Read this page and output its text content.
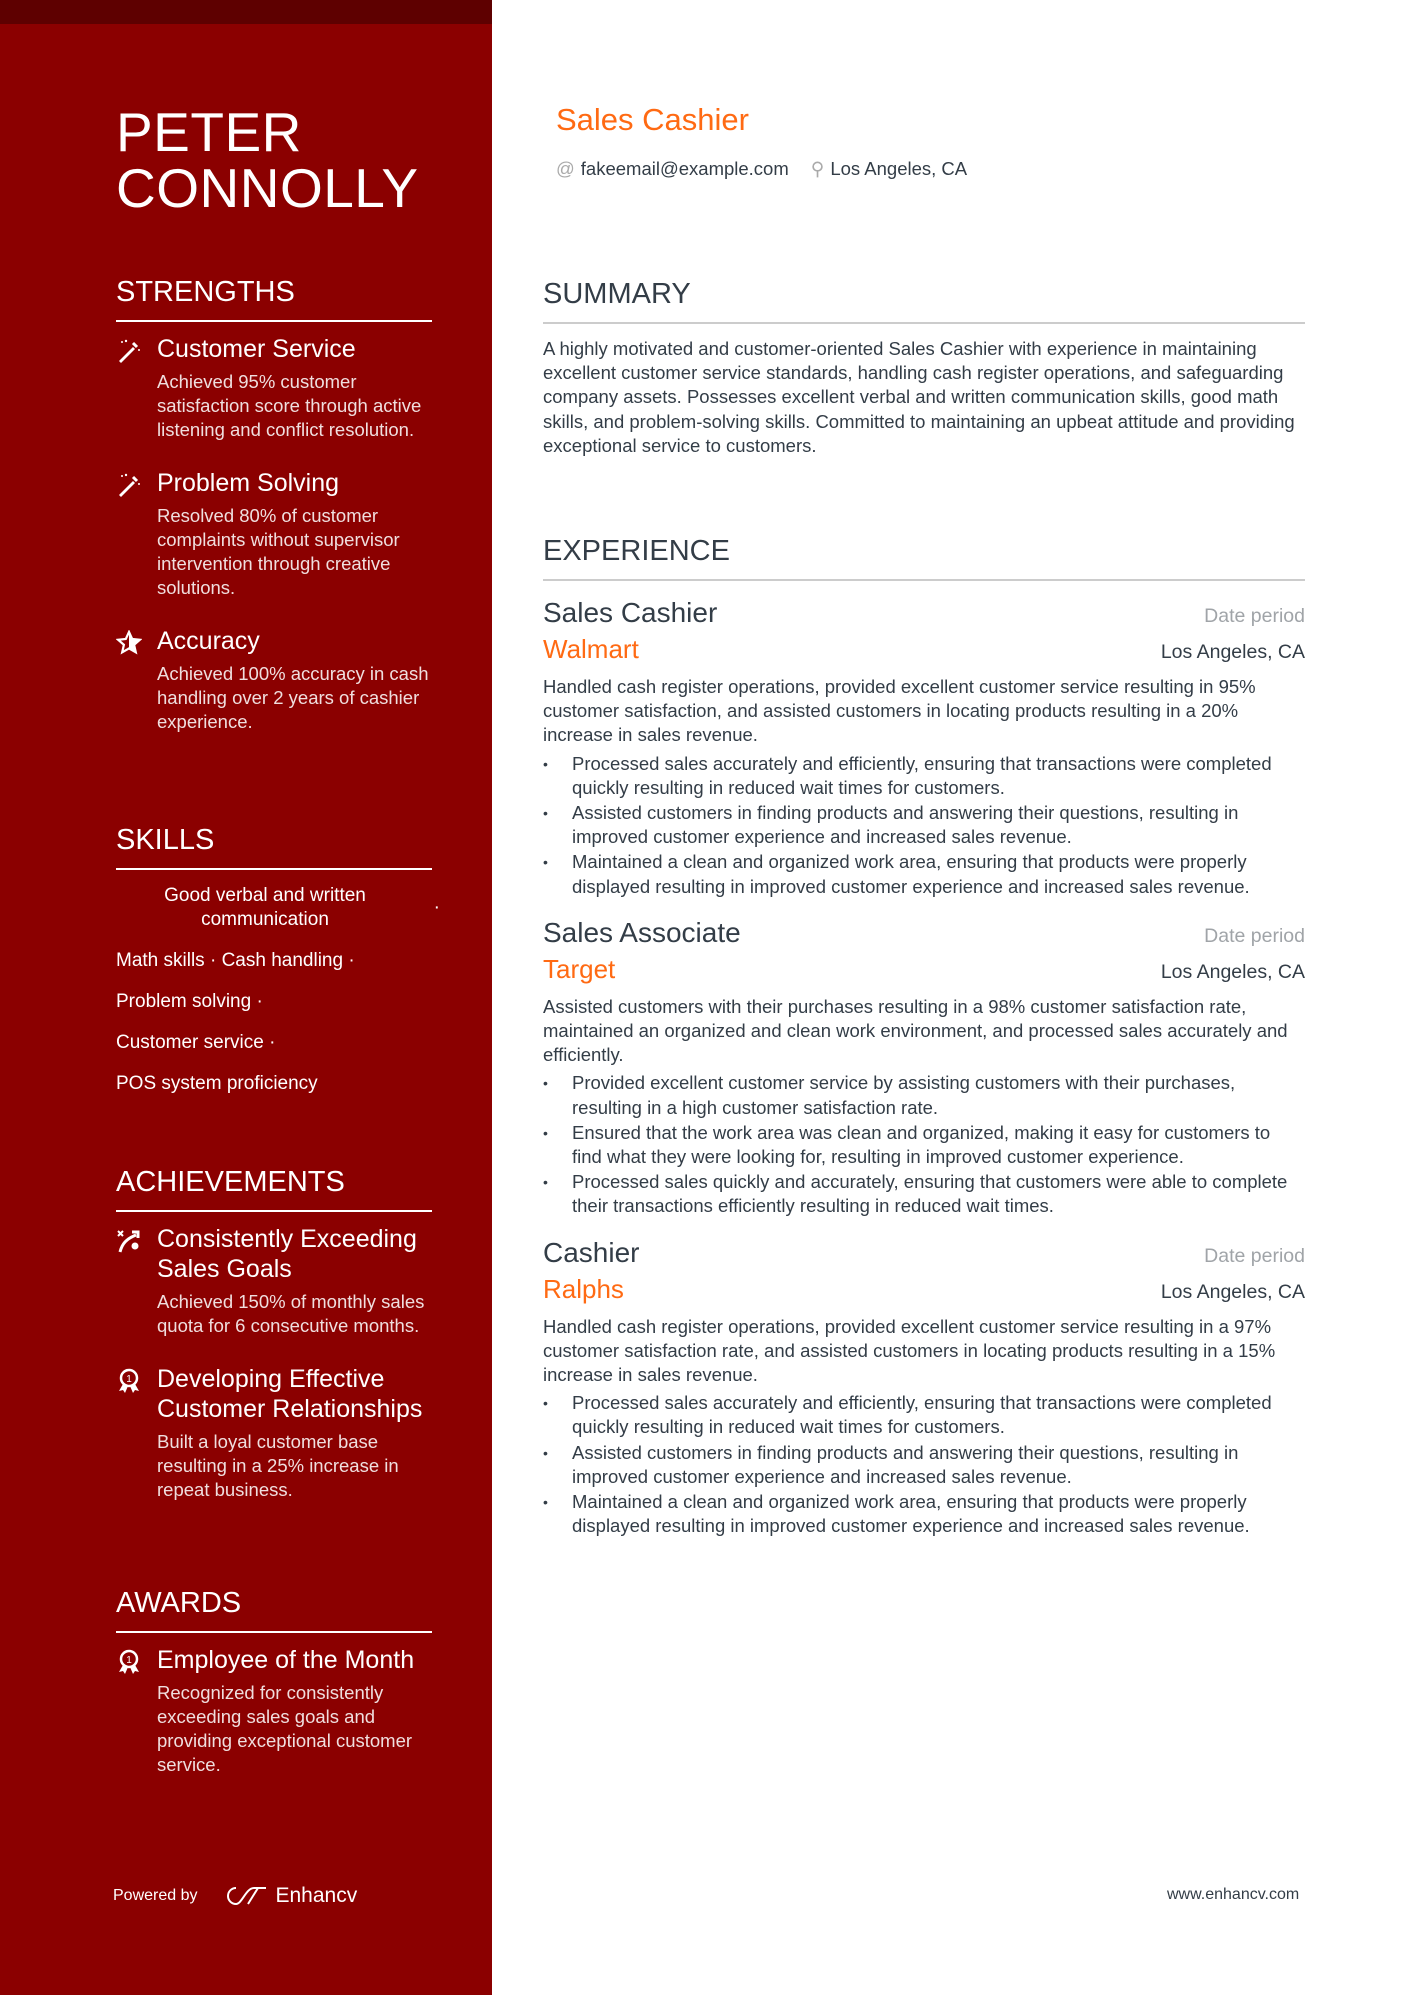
PETER
CONNOLLY
STRENGTHS
Customer Service
Achieved 95% customer satisfaction score through active listening and conflict resolution.
Problem Solving
Resolved 80% of customer complaints without supervisor intervention through creative solutions.
Accuracy
Achieved 100% accuracy in cash handling over 2 years of cashier experience.
SKILLS
Good verbal and written communication
·
Math skills · Cash handling ·
Problem solving ·
Customer service ·
POS system proficiency
ACHIEVEMENTS
Consistently Exceeding Sales Goals
Achieved 150% of monthly sales quota for 6 consecutive months.
1 Developing Effective Customer Relationships
Built a loyal customer base resulting in a 25% increase in repeat business.
AWARDS
1 Employee of the Month
Recognized for consistently exceeding sales goals and providing exceptional customer service.
Powered by	Enhancv
Sales Cashier
@ fakeemail@example.com ⚲ Los Angeles, CA
SUMMARY
A highly motivated and customer-oriented Sales Cashier with experience in maintaining excellent customer service standards, handling cash register operations, and safeguarding company assets. Possesses excellent verbal and written communication skills, good math skills, and problem-solving skills. Committed to maintaining an upbeat attitude and providing exceptional service to customers.
EXPERIENCE
Sales Cashier	Date period
Walmart	Los Angeles, CA
Handled cash register operations, provided excellent customer service resulting in 95% customer satisfaction, and assisted customers in locating products resulting in a 20% increase in sales revenue.
• Processed sales accurately and efficiently, ensuring that transactions were completed quickly resulting in reduced wait times for customers.
• Assisted customers in finding products and answering their questions, resulting in improved customer experience and increased sales revenue.
• Maintained a clean and organized work area, ensuring that products were properly displayed resulting in improved customer experience and increased sales revenue.
Sales Associate	Date period
Target	Los Angeles, CA
Assisted customers with their purchases resulting in a 98% customer satisfaction rate, maintained an organized and clean work environment, and processed sales accurately and efficiently.
• Provided excellent customer service by assisting customers with their purchases, resulting in a high customer satisfaction rate.
• Ensured that the work area was clean and organized, making it easy for customers to find what they were looking for, resulting in improved customer experience.
• Processed sales quickly and accurately, ensuring that customers were able to complete their transactions efficiently resulting in reduced wait times.
Cashier	Date period
Ralphs	Los Angeles, CA
Handled cash register operations, provided excellent customer service resulting in a 97% customer satisfaction rate, and assisted customers in locating products resulting in a 15% increase in sales revenue.
• Processed sales accurately and efficiently, ensuring that transactions were completed quickly resulting in reduced wait times for customers.
• Assisted customers in finding products and answering their questions, resulting in improved customer experience and increased sales revenue.
• Maintained a clean and organized work area, ensuring that products were properly displayed resulting in improved customer experience and increased sales revenue.
www.enhancv.com
